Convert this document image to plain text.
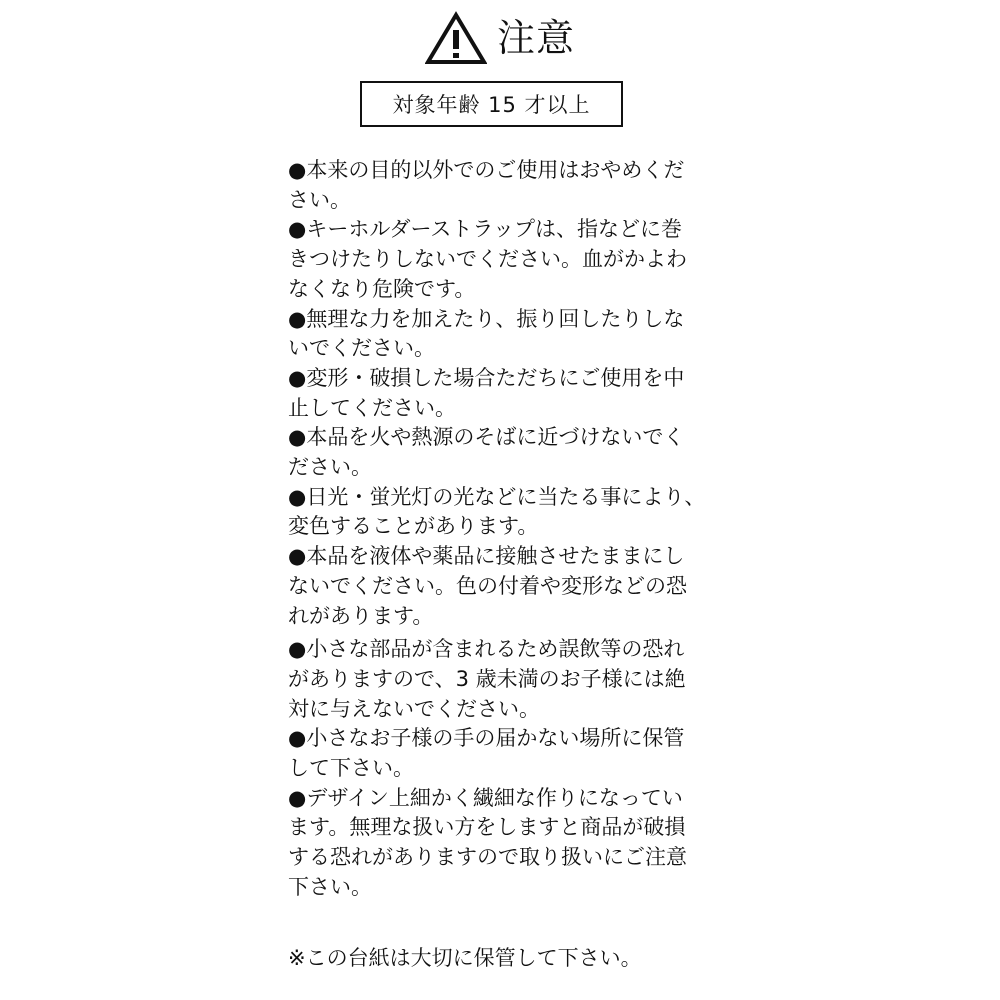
注意
対象年齢 15 才以上

●本来の目的以外でのご使用はおやめくだ
さい。

●キーホルダーストラップは、指などに巻
きつけたりしないでください。血がかよわ
なくなり危険です。

●無理な力を加えたり、振り回したりしな
いでください。

●変形・破損した場合ただちにご使用を中
止してください。

●本品を火や熱源のそばに近づけないでく
ださい。

●日光・蛍光灯の光などに当たる事により、
変色することがあります。

●本品を液体や薬品に接触させたままにし
ないでください。色の付着や変形などの恐
れがあります。

●小さな部品が含まれるため誤飲等の恐れ
がありますので、3 歳未満のお子様には絶
対に与えないでください。

●小さなお子様の手の届かない場所に保管
して下さい。

●デザイン上細かく繊細な作りになってい
ます。無理な扱い方をしますと商品が破損
する恐れがありますので取り扱いにご注意
下さい。

※この台紙は大切に保管して下さい。
